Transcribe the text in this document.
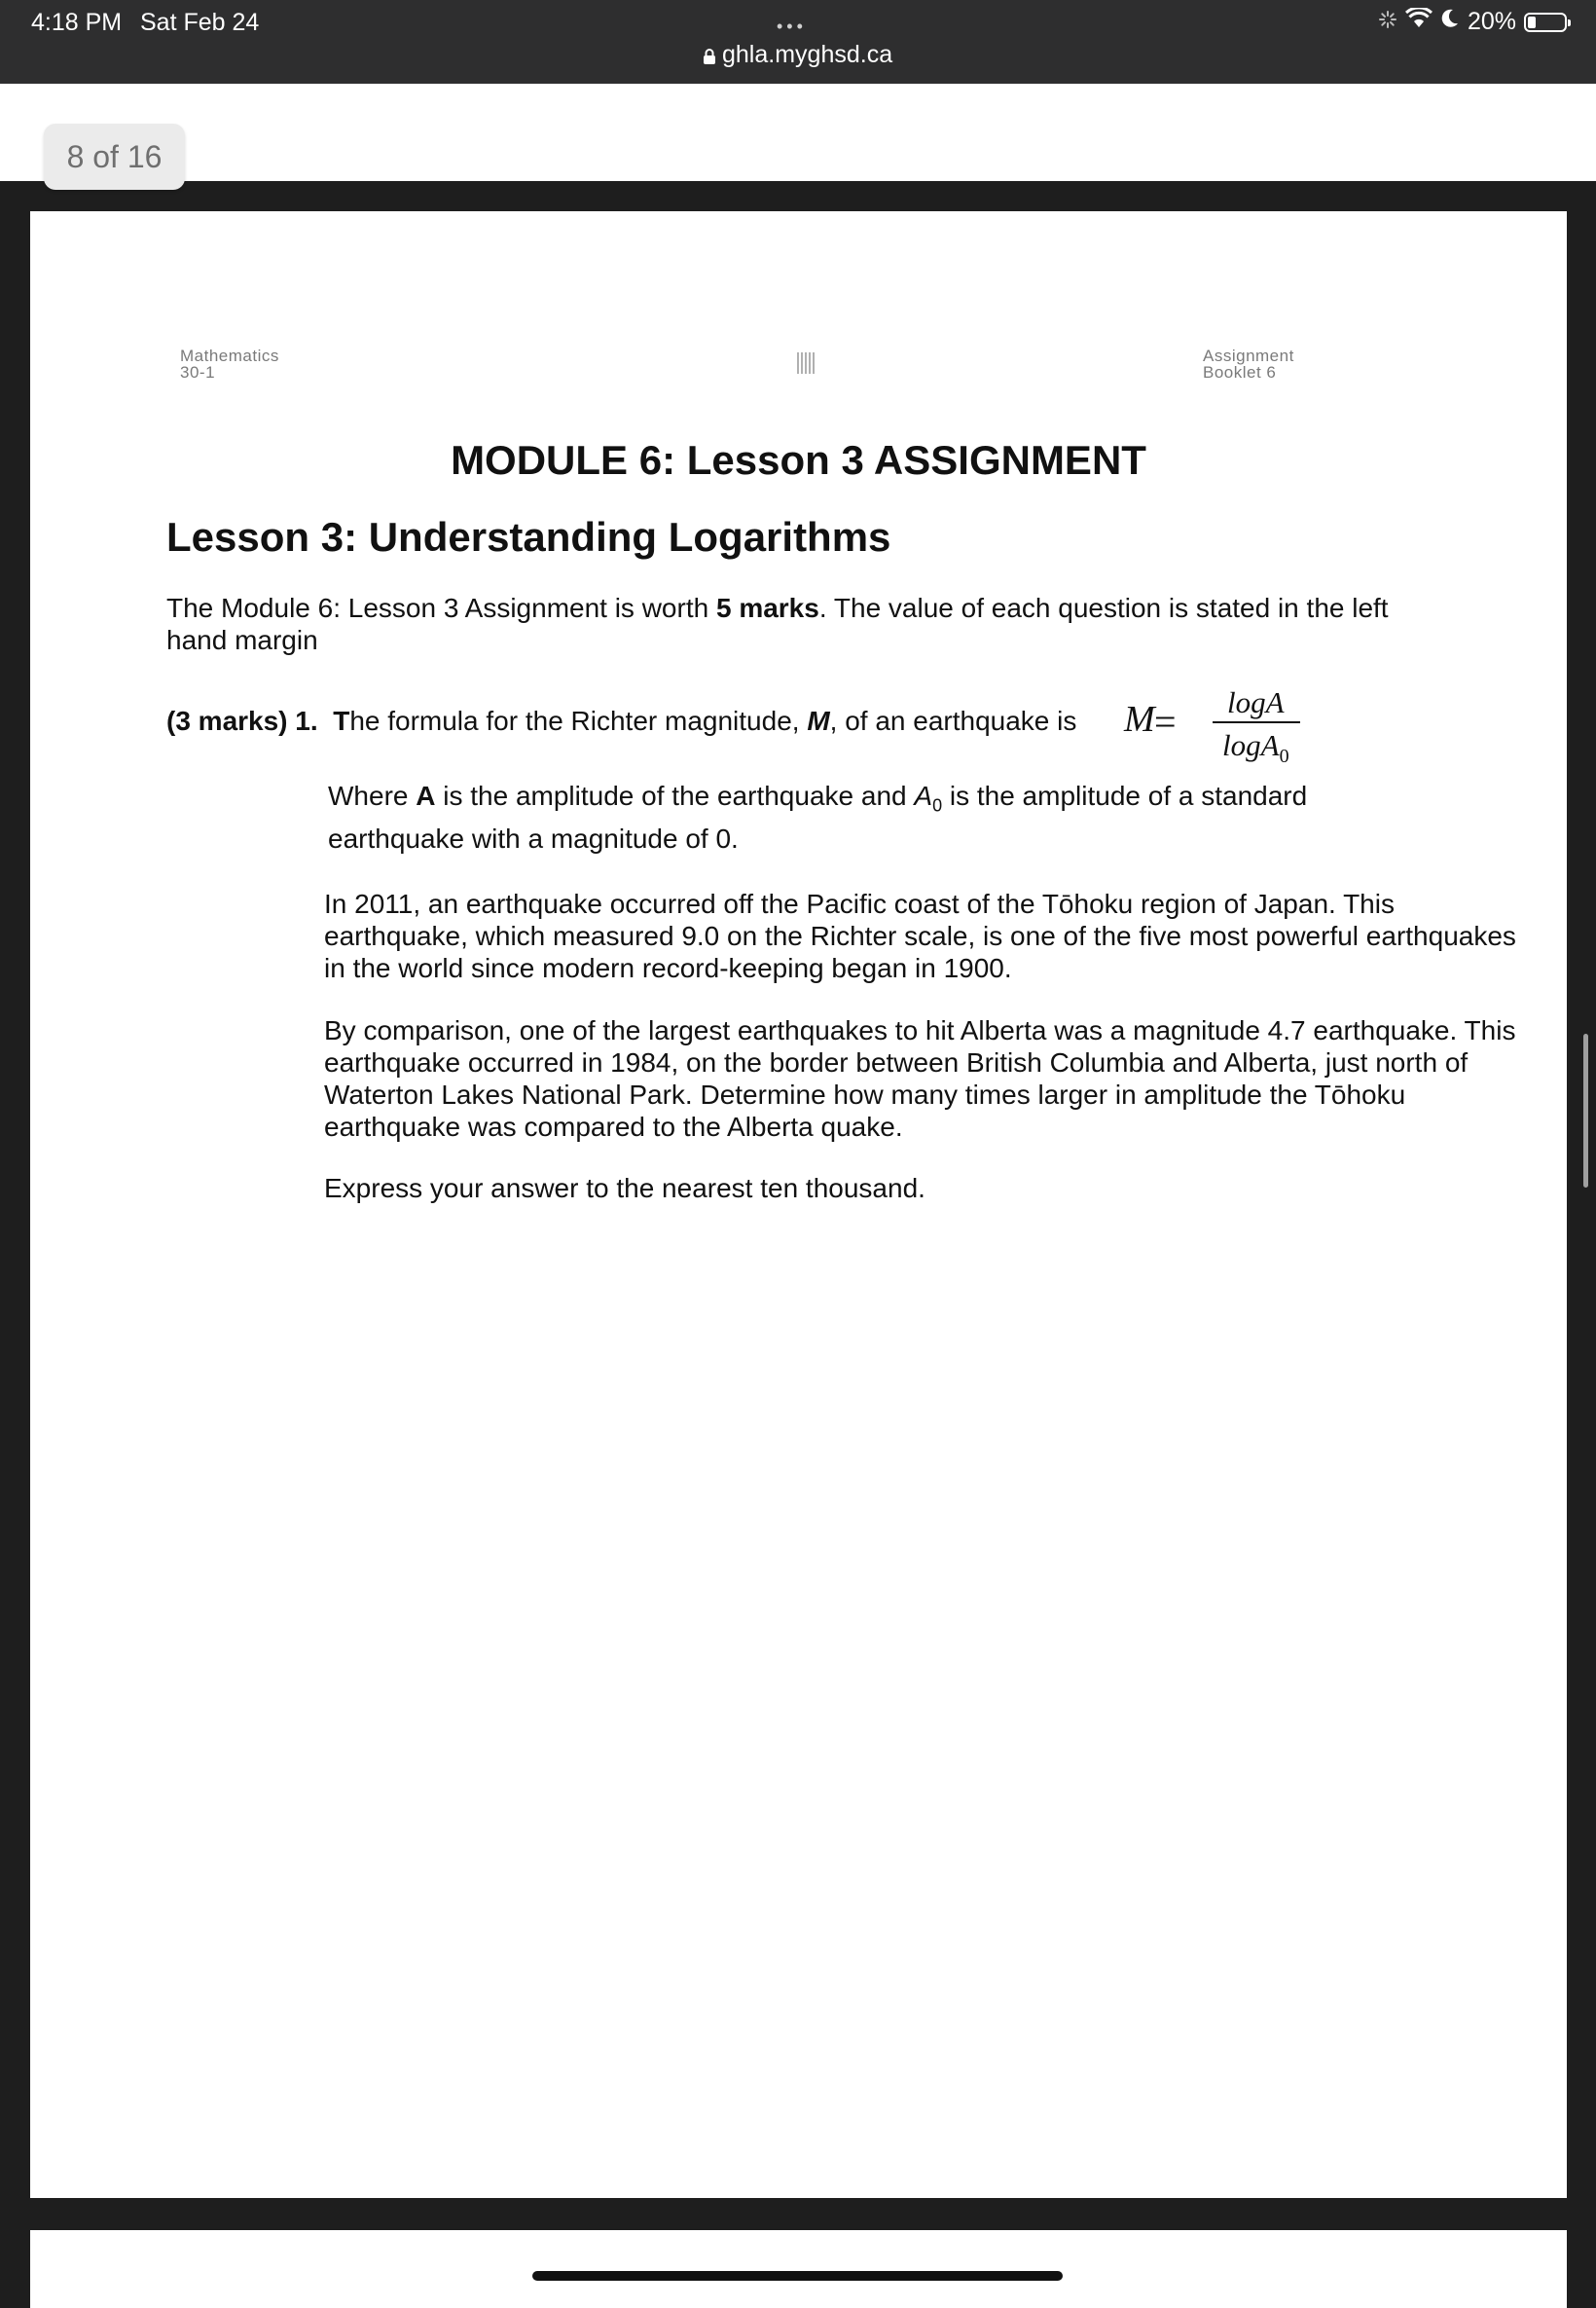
4:18 PM Sat Feb 24	•••
ghla.myghsd.ca
20%
8 of 16
Mathematics
30-1
Assignment
Booklet 6
MODULE 6: Lesson 3 ASSIGNMENT
Lesson 3: Understanding Logarithms
The Module 6: Lesson 3 Assignment is worth 5 marks. The value of each question is stated in the left hand margin
(3 marks) 1. The formula for the Richter magnitude, M, of an earthquake is M = logA
logA$_0$
Where A is the amplitude of the earthquake and $A_0$ is the amplitude of a standard earthquake with a magnitude of 0.
In 2011, an earthquake occurred off the Pacific coast of the Tōhoku region of Japan. This earthquake, which measured 9.0 on the Richter scale, is one of the five most powerful earthquakes in the world since modern record-keeping began in 1900.
By comparison, one of the largest earthquakes to hit Alberta was a magnitude 4.7 earthquake. This earthquake occurred in 1984, on the border between British Columbia and Alberta, just north of Waterton Lakes National Park. Determine how many times larger in amplitude the Tōhoku earthquake was compared to the Alberta quake.
Express your answer to the nearest ten thousand.
